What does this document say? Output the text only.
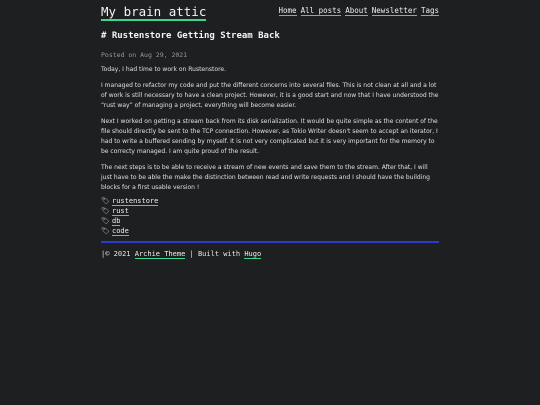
My brain attic	Home All posts About Newsletter Tags
# Rustenstore Getting Stream Back
Posted on Aug 29, 2021

Today, I had time to work on Rustenstore.

I managed to refactor my code and put the different concerns into several files. This is not clean at all and a lot of work is still necessary to have a clean project. However, it is a good start and now that I have understood the “rust way” of managing a project, everything will become easier.

Next I worked on getting a stream back from its disk serialization. It would be quite simple as the content of the file should directly be sent to the TCP connection. However, as Tokio Writer doesn't seem to accept an iterator, I had to write a buffered sending by myself. It is not very complicated but it is very important for the memory to be correcty managed. I am quite proud of the result.

The next steps is to be able to receive a stream of new events and save them to the stream. After that, I will just have to be able the make the distinction between read and write requests and I should have the building blocks for a first usable version !

🏷 rustenstore
🏷 rust
🏷 db
🏷 code
|© 2021 Archie Theme | Built with Hugo
